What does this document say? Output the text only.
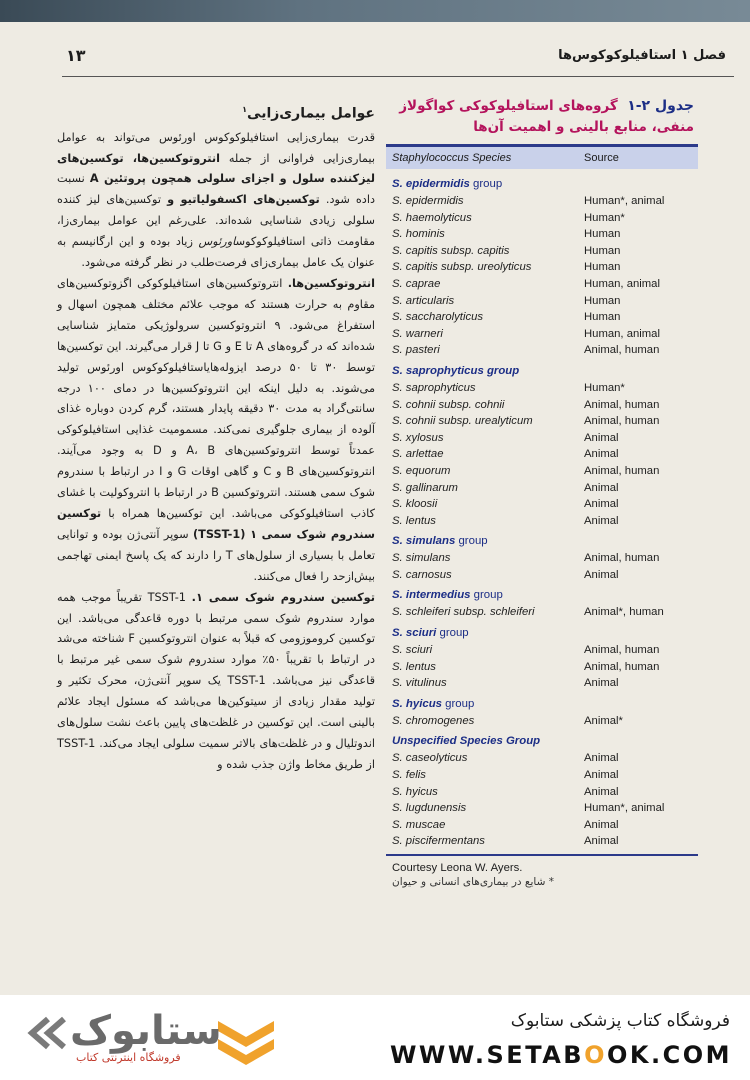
فصل ۱ استافیلوکوکوس‌ها
۱۳
عوامل بیماری‌زایی$^۱$

قدرت بیماری‌زایی استافیلوکوکوس اورئوس می‌تواند به عوامل بیماری‌زایی فراوانی از جمله انتروتوکسین‌ها، توکسین‌های لیزکننده سلول و اجزای سلولی همچون پروتئین A نسبت داده شود. توکسین‌های اکسفولیاتیو و توکسین‌های لیز کننده سلولی زیادی شناسایی شده‌اند. علی‌رغم این عوامل بیماری‌زا، مقاومت ذاتی استافیلوکوکوساورئوس زیاد بوده و این ارگانیسم به عنوان یک عامل بیماری‌زای فرصت‌طلب در نظر گرفته می‌شود.

انتروتوکسین‌ها. انتروتوکسین‌های استافیلوکوکی اگزوتوکسین‌های مقاوم به حرارت هستند که موجب علائم مختلف همچون اسهال و استفراغ می‌شود. ۹ انتروتوکسین سرولوژیکی متمایز شناسایی شده‌اند که در گروه‌های A تا E و G تا J قرار می‌گیرند. این توکسین‌ها توسط ۳۰ تا ۵۰ درصد ایزوله‌هایاستافیلوکوکوس اورئوس تولید می‌شوند. به دلیل اینکه این انتروتوکسین‌ها در دمای ۱۰۰ درجه سانتی‌گراد به مدت ۳۰ دقیقه پایدار هستند، گرم کردن دوباره غذای آلوده از بیماری جلوگیری نمی‌کند. مسمومیت غذایی استافیلوکوکی عمدتاً توسط انتروتوکسین‌های A، B و D به وجود می‌آیند. انتروتوکسین‌های B و C و گاهی اوقات G و I در ارتباط با سندروم شوک سمی هستند. انتروتوکسین B در ارتباط با انتروکولیت با غشای کاذب استافیلوکوکی می‌باشد. این توکسین‌ها همراه با توکسین سندروم شوک سمی ۱ (TSST-1) سوپر آنتی‌ژن بوده و توانایی تعامل با بسیاری از سلول‌های T را دارند که یک پاسخ ایمنی تهاجمی بیش‌ازحد را فعال می‌کنند.

توکسین سندروم شوک سمی ۱. TSST-1 تقریباً موجب همه موارد سندروم شوک سمی مرتبط با دوره قاعدگی می‌باشد. این توکسین کروموزومی که قبلاً به عنوان انتروتوکسین F شناخته می‌شد در ارتباط با تقریباً ۵۰٪ موارد سندروم شوک سمی غیر مرتبط با قاعدگی نیز می‌باشد. TSST-1 یک سوپر آنتی‌ژن، محرک تکثیر و تولید مقدار زیادی از سیتوکین‌ها می‌باشد که مسئول ایجاد علائم بالینی است. این توکسین در غلظت‌های پایین باعث نشت سلول‌های اندوتلیال و در غلظت‌های بالاتر سمیت سلولی ایجاد می‌کند. TSST-1 از طریق مخاط واژن جذب شده و

جدول ۲-۱  گروه‌های استافیلوکوکی کواگولاز منفی، منابع بالینی و اهمیت آن‌ها
Staphylococcus Species	Source
S. epidermidis group
S. epidermidis	Human*, animal
S. haemolyticus	Human*
S. hominis	Human
S. capitis subsp. capitis	Human
S. capitis subsp. ureolyticus	Human
S. caprae	Human, animal
S. articularis	Human
S. saccharolyticus	Human
S. warneri	Human, animal
S. pasteri	Animal, human
S. saprophyticus group
S. saprophyticus	Human*
S. cohnii subsp. cohnii	Animal, human
S. cohnii subsp. urealyticum	Animal, human
S. xylosus	Animal
S. arlettae	Animal
S. equorum	Animal, human
S. gallinarum	Animal
S. kloosii	Animal
S. lentus	Animal
S. simulans group
S. simulans	Animal, human
S. carnosus	Animal
S. intermedius group
S. schleiferi subsp. schleiferi	Animal*, human
S. sciuri group
S. sciuri	Animal, human
S. lentus	Animal, human
S. vitulinus	Animal
S. hyicus group
S. chromogenes	Animal*
Unspecified Species Group
S. caseolyticus	Animal
S. felis	Animal
S. hyicus	Animal
S. lugdunensis	Human*, animal
S. muscae	Animal
S. piscifermentans	Animal
Courtesy Leona W. Ayers.
* شایع در بیماری‌های انسانی و حیوان
ستابوک
فروشگاه اینترنتی کتاب
فروشگاه کتاب پزشکی ستابوک
WWW.SETABOOK.COM
